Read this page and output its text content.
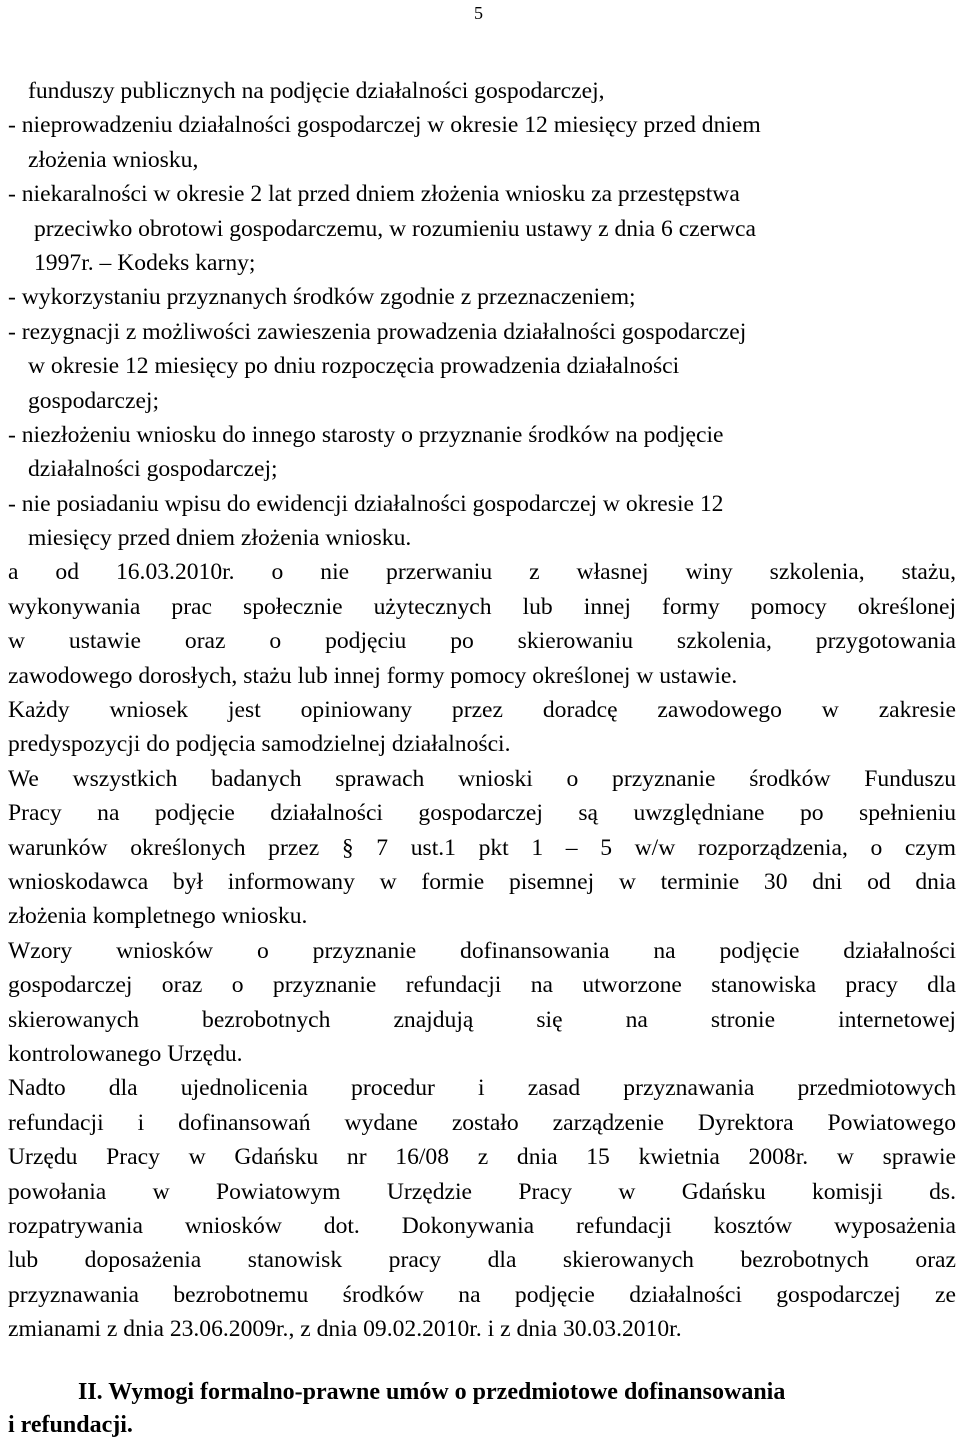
5
funduszy publicznych na podjęcie działalności gospodarczej,
- nieprowadzeniu działalności gospodarczej w okresie 12 miesięcy przed dniem
złożenia wniosku,
- niekaralności w okresie 2 lat przed dniem złożenia wniosku za przestępstwa
przeciwko obrotowi gospodarczemu, w rozumieniu ustawy z dnia 6 czerwca
1997r. – Kodeks karny;
- wykorzystaniu przyznanych środków zgodnie z przeznaczeniem;
- rezygnacji z możliwości zawieszenia prowadzenia działalności gospodarczej
w okresie 12 miesięcy po dniu rozpoczęcia prowadzenia działalności
gospodarczej;
- niezłożeniu wniosku do innego starosty o przyznanie środków na podjęcie
działalności gospodarczej;
- nie posiadaniu wpisu do ewidencji działalności gospodarczej w okresie 12
miesięcy przed dniem złożenia wniosku.
a od 16.03.2010r. o nie przerwaniu z własnej winy szkolenia, stażu,
wykonywania prac społecznie użytecznych lub innej formy pomocy określonej
w ustawie oraz o podjęciu po skierowaniu szkolenia, przygotowania
zawodowego dorosłych, stażu lub innej formy pomocy określonej w ustawie.
Każdy wniosek jest opiniowany przez doradcę zawodowego w zakresie
predyspozycji do podjęcia samodzielnej działalności.
We wszystkich badanych sprawach wnioski o przyznanie środków Funduszu
Pracy na podjęcie działalności gospodarczej są uwzględniane po spełnieniu
warunków określonych przez § 7 ust.1 pkt 1 – 5 w/w rozporządzenia, o czym
wnioskodawca był informowany w formie pisemnej w terminie 30 dni od dnia
złożenia kompletnego wniosku.
Wzory wniosków o przyznanie dofinansowania na podjęcie działalności
gospodarczej oraz o przyznanie refundacji na utworzone stanowiska pracy dla
skierowanych bezrobotnych znajdują się na stronie internetowej
kontrolowanego Urzędu.
Nadto dla ujednolicenia procedur i zasad przyznawania przedmiotowych
refundacji i dofinansowań wydane zostało zarządzenie Dyrektora Powiatowego
Urzędu Pracy w Gdańsku nr 16/08 z dnia 15 kwietnia 2008r. w sprawie
powołania w Powiatowym Urzędzie Pracy w Gdańsku komisji ds.
rozpatrywania wniosków dot. Dokonywania refundacji kosztów wyposażenia
lub doposażenia stanowisk pracy dla skierowanych bezrobotnych oraz
przyznawania bezrobotnemu środków na podjęcie działalności gospodarczej ze
zmianami z dnia 23.06.2009r., z dnia 09.02.2010r. i z dnia 30.03.2010r.
II. Wymogi formalno-prawne umów o przedmiotowe dofinansowania
i refundacji.
